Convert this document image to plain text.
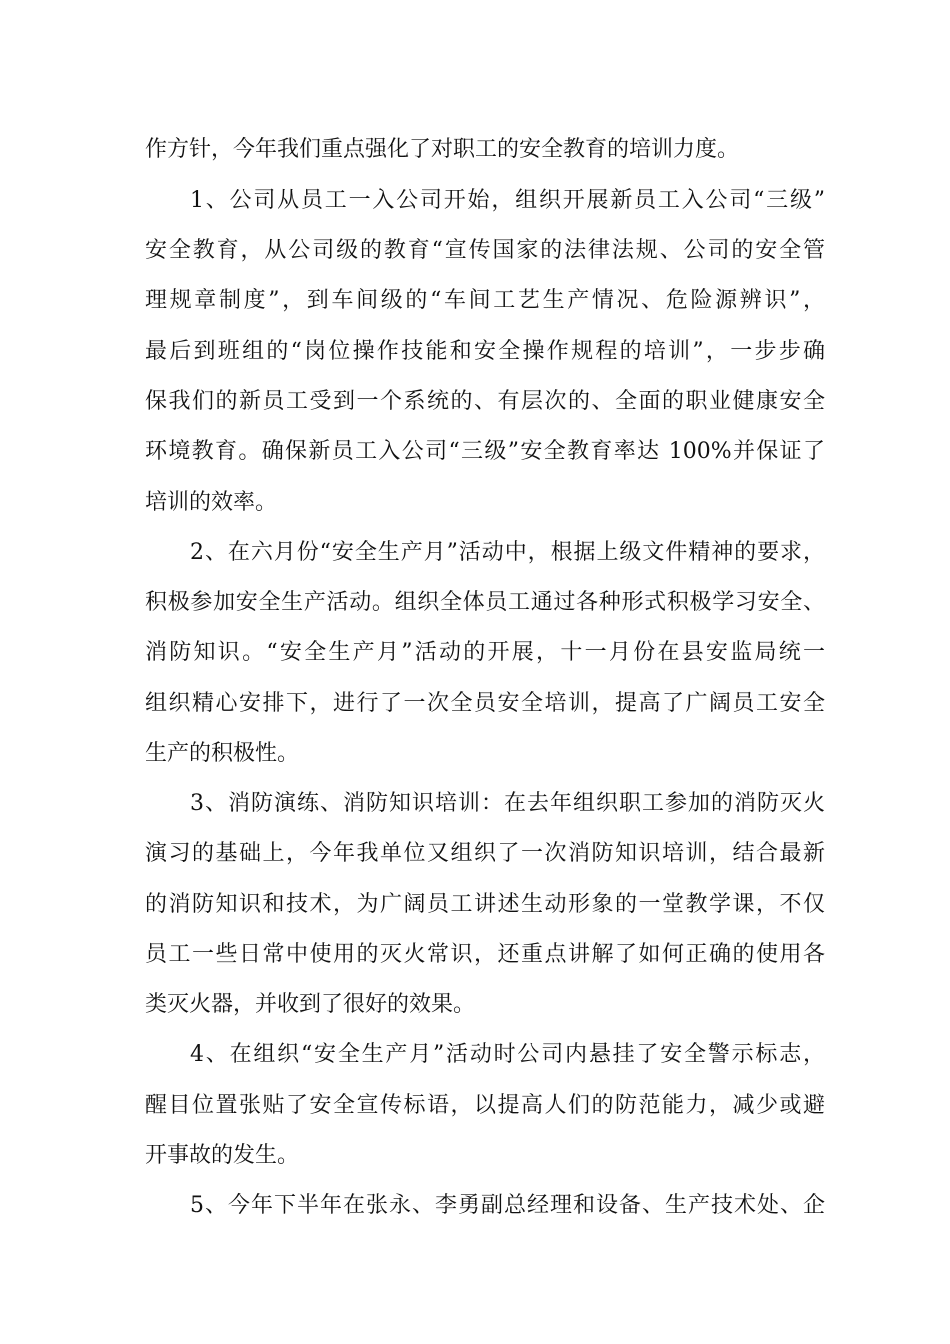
作方针，今年我们重点强化了对职工的安全教育的培训力度。
1、公司从员工一入公司开始，组织开展新员工入公司“三级”
安全教育，从公司级的教育“宣传国家的法律法规、公司的安全管
理规章制度”，到车间级的“车间工艺生产情况、危险源辨识”，
最后到班组的“岗位操作技能和安全操作规程的培训”，一步步确
保我们的新员工受到一个系统的、有层次的、全面的职业健康安全
环境教育。确保新员工入公司“三级”安全教育率达 100%并保证了
培训的效率。
2、在六月份“安全生产月”活动中，根据上级文件精神的要求，
积极参加安全生产活动。组织全体员工通过各种形式积极学习安全、
消防知识。“安全生产月”活动的开展，十一月份在县安监局统一
组织精心安排下，进行了一次全员安全培训，提高了广阔员工安全
生产的积极性。
3、消防演练、消防知识培训：在去年组织职工参加的消防灭火
演习的基础上，今年我单位又组织了一次消防知识培训，结合最新
的消防知识和技术，为广阔员工讲述生动形象的一堂教学课，不仅
员工一些日常中使用的灭火常识，还重点讲解了如何正确的使用各
类灭火器，并收到了很好的效果。
4、在组织“安全生产月”活动时公司内悬挂了安全警示标志，
醒目位置张贴了安全宣传标语，以提高人们的防范能力，减少或避
开事故的发生。
5、今年下半年在张永、李勇副总经理和设备、生产技术处、企
